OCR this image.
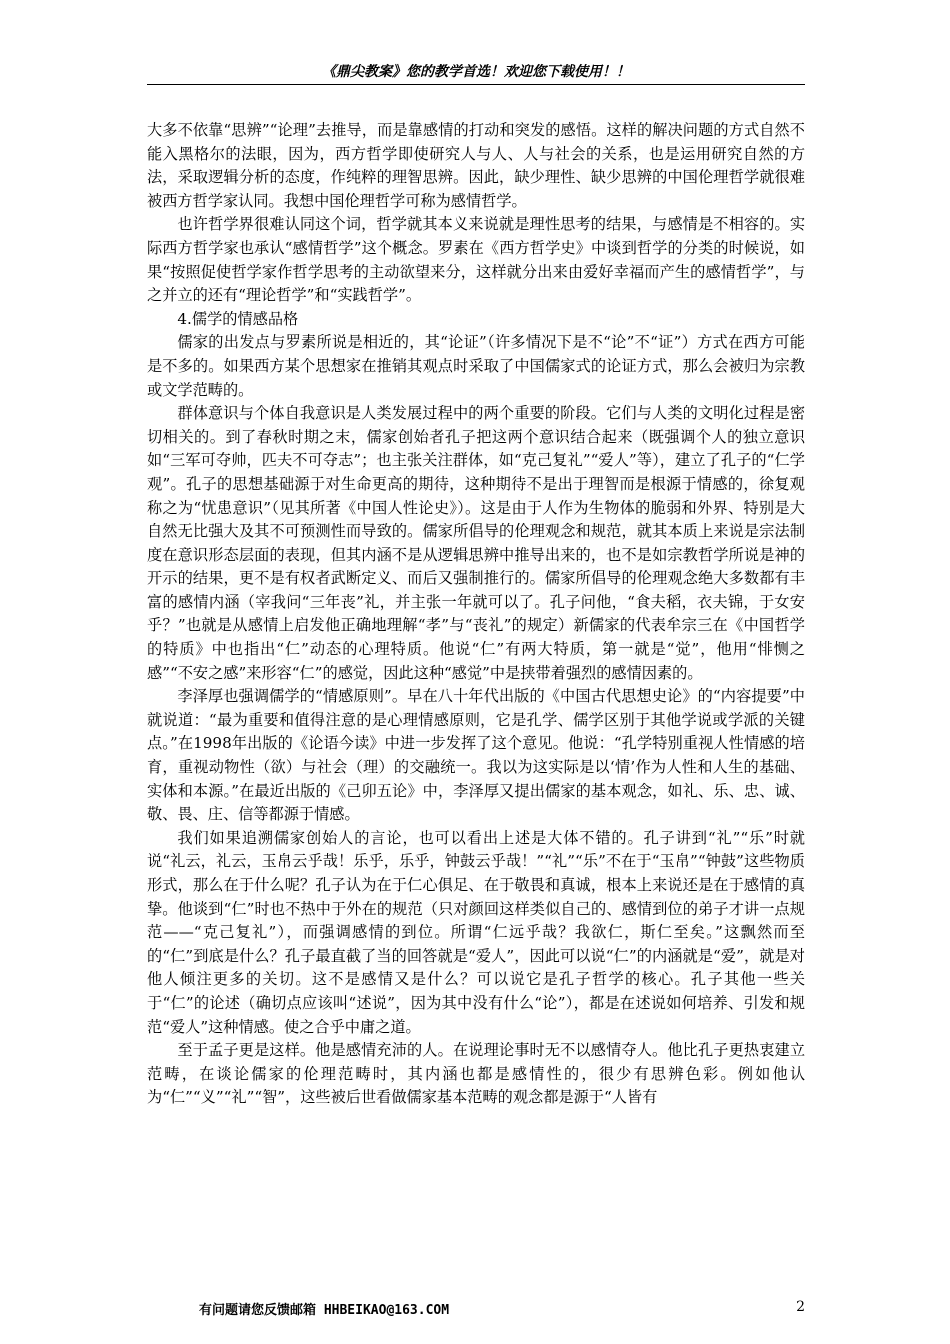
《鼎尖教案》您的教学首选！欢迎您下载使用！！

大多不依靠“思辨”“论理”去推导，而是靠感情的打动和突发的感悟。这样的解决问题的方式自然不能入黑格尔的法眼，因为，西方哲学即使研究人与人、人与社会的关系，也是运用研究自然的方法，采取逻辑分析的态度，作纯粹的理智思辨。因此，缺少理性、缺少思辨的中国伦理哲学就很难被西方哲学家认同。我想中国伦理哲学可称为感情哲学。

也许哲学界很难认同这个词，哲学就其本义来说就是理性思考的结果，与感情是不相容的。实际西方哲学家也承认“感情哲学”这个概念。罗素在《西方哲学史》中谈到哲学的分类的时候说，如果“按照促使哲学家作哲学思考的主动欲望来分，这样就分出来由爱好幸福而产生的感情哲学”，与之并立的还有“理论哲学”和“实践哲学”。

4.儒学的情感品格

儒家的出发点与罗素所说是相近的，其“论证”（许多情况下是不“论”不“证”）方式在西方可能是不多的。如果西方某个思想家在推销其观点时采取了中国儒家式的论证方式，那么会被归为宗教或文学范畴的。

群体意识与个体自我意识是人类发展过程中的两个重要的阶段。它们与人类的文明化过程是密切相关的。到了春秋时期之末，儒家创始者孔子把这两个意识结合起来（既强调个人的独立意识如“三军可夺帅，匹夫不可夺志”；也主张关注群体，如“克己复礼”“爱人”等），建立了孔子的“仁学观”。孔子的思想基础源于对生命更高的期待，这种期待不是出于理智而是根源于情感的，徐复观称之为“忧患意识”（见其所著《中国人性论史》）。这是由于人作为生物体的脆弱和外界、特别是大自然无比强大及其不可预测性而导致的。儒家所倡导的伦理观念和规范，就其本质上来说是宗法制度在意识形态层面的表现，但其内涵不是从逻辑思辨中推导出来的，也不是如宗教哲学所说是神的开示的结果，更不是有权者武断定义、而后又强制推行的。儒家所倡导的伦理观念绝大多数都有丰富的感情内涵（宰我问“三年丧”礼，并主张一年就可以了。孔子问他，“食夫稻，衣夫锦，于女安乎？”也就是从感情上启发他正确地理解“孝”与“丧礼”的规定）新儒家的代表牟宗三在《中国哲学的特质》中也指出“仁”动态的心理特质。他说“仁”有两大特质，第一就是“觉”，他用“悱恻之感”“不安之感”来形容“仁”的感觉，因此这种“感觉”中是挟带着强烈的感情因素的。

李泽厚也强调儒学的“情感原则”。早在八十年代出版的《中国古代思想史论》的“内容提要”中就说道：“最为重要和值得注意的是心理情感原则，它是孔学、儒学区别于其他学说或学派的关键点。”在1998年出版的《论语今读》中进一步发挥了这个意见。他说：“孔学特别重视人性情感的培育，重视动物性（欲）与社会（理）的交融统一。我以为这实际是以‘情’作为人性和人生的基础、实体和本源。”在最近出版的《己卯五论》中，李泽厚又提出儒家的基本观念，如礼、乐、忠、诚、敬、畏、庄、信等都源于情感。

我们如果追溯儒家创始人的言论，也可以看出上述是大体不错的。孔子讲到“礼”“乐”时就说“礼云，礼云，玉帛云乎哉！乐乎，乐乎，钟鼓云乎哉！”“礼”“乐”不在于“玉帛”“钟鼓”这些物质形式，那么在于什么呢？孔子认为在于仁心俱足、在于敬畏和真诚，根本上来说还是在于感情的真挚。他谈到“仁”时也不热中于外在的规范（只对颜回这样类似自己的、感情到位的弟子才讲一点规范——“克己复礼”），而强调感情的到位。所谓“仁远乎哉？我欲仁，斯仁至矣。”这飘然而至的“仁”到底是什么？孔子最直截了当的回答就是“爱人”，因此可以说“仁”的内涵就是“爱”，就是对他人倾注更多的关切。这不是感情又是什么？可以说它是孔子哲学的核心。孔子其他一些关于“仁”的论述（确切点应该叫“述说”，因为其中没有什么“论”），都是在述说如何培养、引发和规范“爱人”这种情感。使之合乎中庸之道。

至于孟子更是这样。他是感情充沛的人。在说理论事时无不以感情夺人。他比孔子更热衷建立范畴，在谈论儒家的伦理范畴时，其内涵也都是感情性的，很少有思辨色彩。例如他认为“仁”“义”“礼”“智”，这些被后世看做儒家基本范畴的观念都是源于“人皆有

有问题请您反馈邮箱 HHBEIKAO@163.COM	2
